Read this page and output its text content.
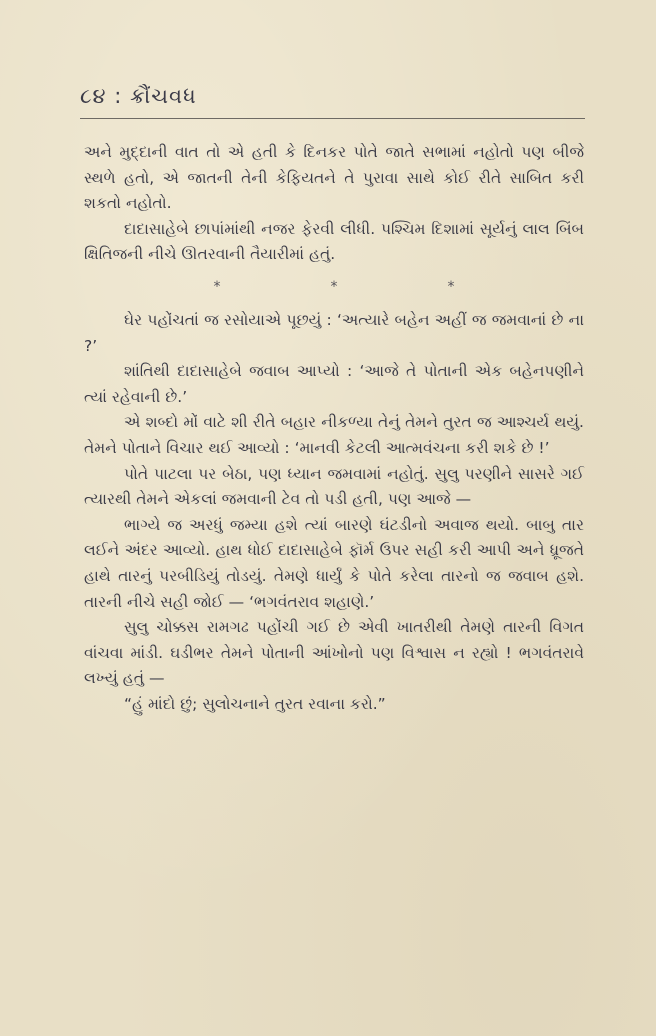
૮૪ : ક્રૌંચવધ

અને મુદ્દાની વાત તો એ હતી કે દિનકર પોતે જાતે સભામાં નહોતો પણ બીજે સ્થળે હતો, એ જાતની તેની કેફિયતને તે પુરાવા સાથે કોઈ રીતે સાબિત કરી શકતો નહોતો.

દાદાસાહેબે છાપાંમાંથી નજર ફેરવી લીધી. પશ્ચિમ દિશામાં સૂર્યનું લાલ બિંબ ક્ષિતિજની નીચે ઊતરવાની તૈયારીમાં હતું.

*	*	*

ઘેર પહોંચતાં જ રસોયાએ પૂછયું : ‘અત્યારે બહેન અહીં જ જમવાનાં છે ના ?’

શાંતિથી દાદાસાહેબે જવાબ આપ્યો : ‘આજે તે પોતાની એક બહેનપણીને ત્યાં રહેવાની છે.’

એ શબ્દો મોં વાટે શી રીતે બહાર નીકળ્યા તેનું તેમને તુરત જ આશ્ચર્ય થયું. તેમને પોતાને વિચાર થઈ આવ્યો : ‘માનવી કેટલી આત્મવંચના કરી શકે છે !’

પોતે પાટલા પર બેઠા, પણ ધ્યાન જમવામાં નહોતું. સુલુ પરણીને સાસરે ગઈ ત્યારથી તેમને એકલાં જમવાની ટેવ તો પડી હતી, પણ આજે —

ભાગ્યે જ અરધું જમ્યા હશે ત્યાં બારણે ઘંટડીનો અવાજ થયો. બાબુ તાર લઈને અંદર આવ્યો. હાથ ધોઈ દાદાસાહેબે ફૉર્મ ઉપર સહી કરી આપી અને ધ્રૂજતે હાથે તારનું પરબીડિયું તોડયું. તેમણે ધાર્યું કે પોતે કરેલા તારનો જ જવાબ હશે. તારની નીચે સહી જોઈ — ‘ભગવંતરાવ શહાણે.’

સુલુ ચોક્કસ રામગઢ પહોંચી ગઈ છે એવી ખાતરીથી તેમણે તારની વિગત વાંચવા માંડી. ઘડીભર તેમને પોતાની આંખોનો પણ વિશ્વાસ ન રહ્યો ! ભગવંતરાવે લખ્યું હતું —

“હું માંદો છું; સુલોચનાને તુરત રવાના કરો.”
